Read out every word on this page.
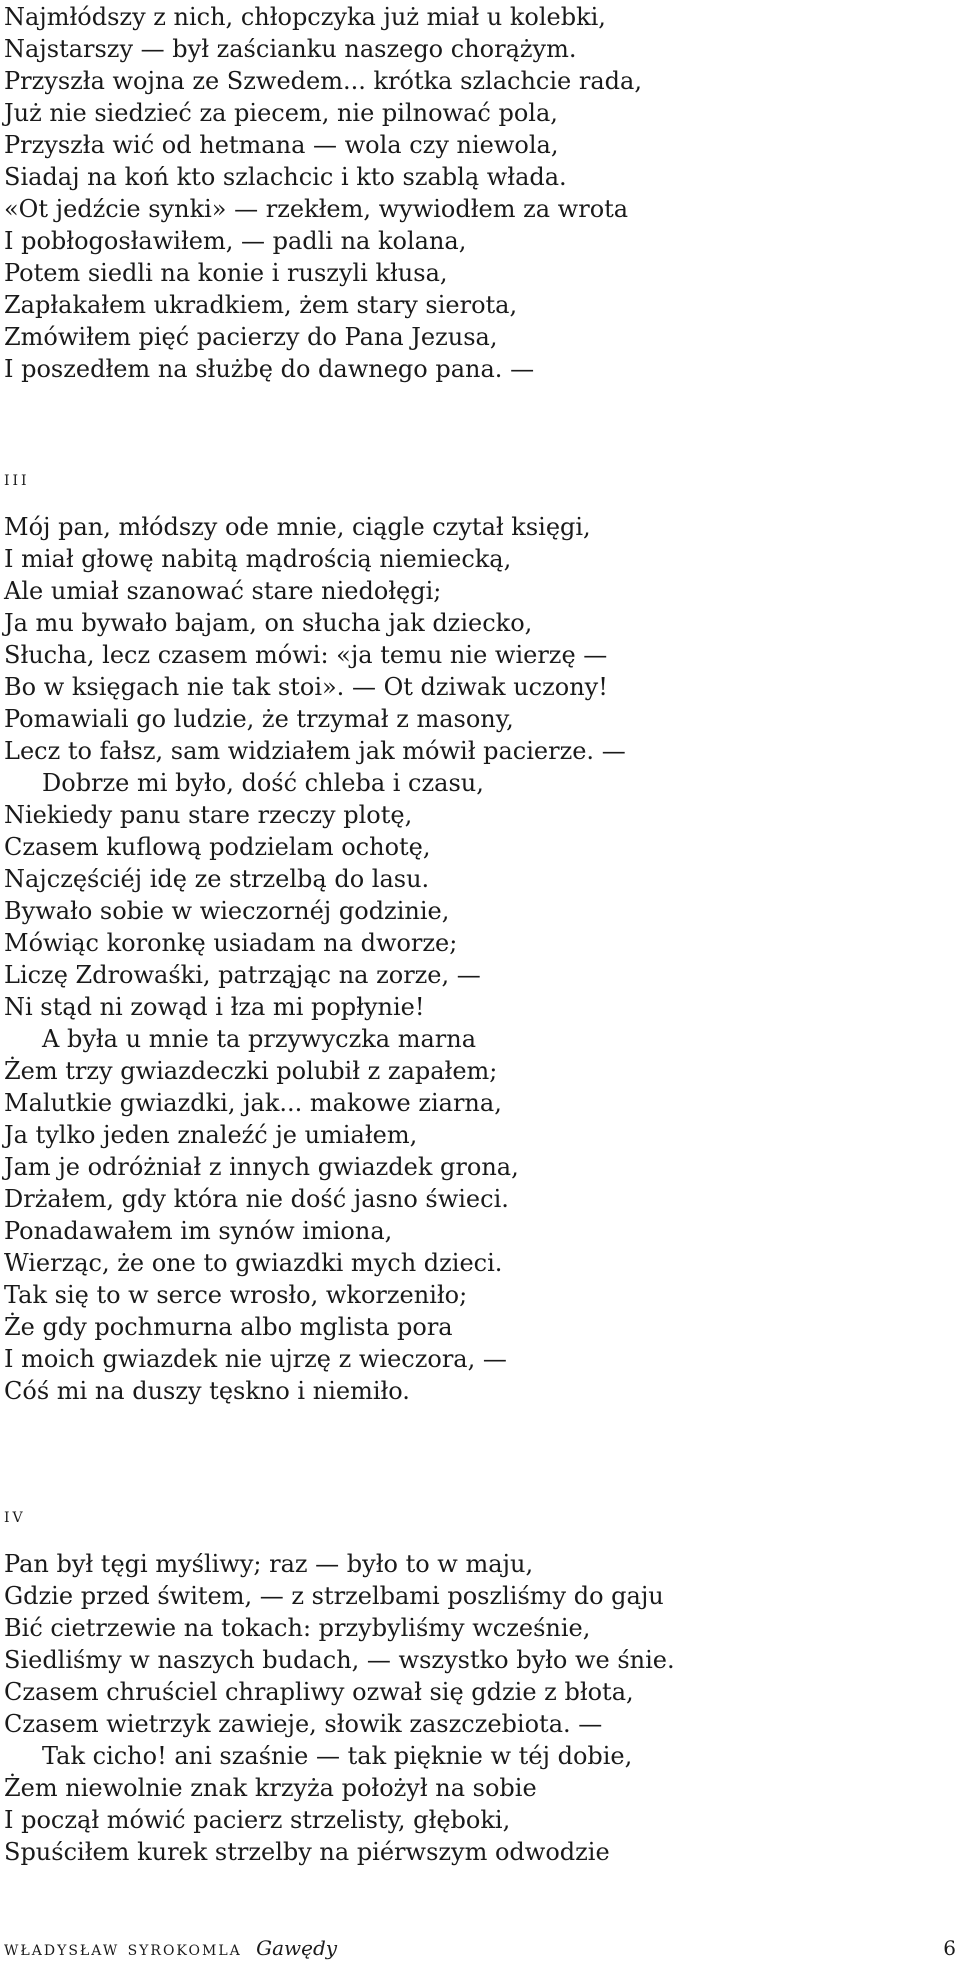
Najmłódszy z nich, chłopczyka już miał u kolebki,
Najstarszy — był zaścianku naszego chorążym.
Przyszła wojna ze Szwedem... krótka szlachcie rada,
Już nie siedzieć za piecem, nie pilnować pola,
Przyszła wić od hetmana — wola czy niewola,
Siadaj na koń kto szlachcic i kto szablą włada.
«Ot jedźcie synki» — rzekłem, wywiodłem za wrota
I pobłogosławiłem, — padli na kolana,
Potem siedli na konie i ruszyli kłusa,
Zapłakałem ukradkiem, żem stary sierota,
Zmówiłem pięć pacierzy do Pana Jezusa,
I poszedłem na służbę do dawnego pana. —
iii
Mój pan, młódszy ode mnie, ciągle czytał księgi,
I miał głowę nabitą mądrością niemiecką,
Ale umiał szanować stare niedołęgi;
Ja mu bywało bajam, on słucha jak dziecko,
Słucha, lecz czasem mówi: «ja temu nie wierzę —
Bo w księgach nie tak stoi». — Ot dziwak uczony!
Pomawiali go ludzie, że trzymał z masony,
Lecz to fałsz, sam widziałem jak mówił pacierze. —
Dobrze mi było, dość chleba i czasu,
Niekiedy panu stare rzeczy plotę,
Czasem kuflową podzielam ochotę,
Najczęściéj idę ze strzelbą do lasu.
Bywało sobie w wieczornéj godzinie,
Mówiąc koronkę usiadam na dworze;
Liczę Zdrowaśki, patrząjąc na zorze, —
Ni stąd ni zowąd i łza mi popłynie!
A była u mnie ta przywyczka marna
Żem trzy gwiazdeczki polubił z zapałem;
Malutkie gwiazdki, jak... makowe ziarna,
Ja tylko jeden znaleźć je umiałem,
Jam je odróżniał z innych gwiazdek grona,
Drżałem, gdy która nie dość jasno świeci.
Ponadawałem im synów imiona,
Wierząc, że one to gwiazdki mych dzieci.
Tak się to w serce wrosło, wkorzeniło;
Że gdy pochmurna albo mglista pora
I moich gwiazdek nie ujrzę z wieczora, —
Cóś mi na duszy tęskno i niemiło.
iv
Pan był tęgi myśliwy; raz — było to w maju,
Gdzie przed świtem, — z strzelbami poszliśmy do gaju
Bić cietrzewie na tokach: przybyliśmy wcześnie,
Siedliśmy w naszych budach, — wszystko było we śnie.
Czasem chruściel chrapliwy ozwał się gdzie z błota,
Czasem wietrzyk zawieje, słowik zaszczebiota. —
Tak cicho! ani szaśnie — tak pięknie w téj dobie,
Żem niewolnie znak krzyża położył na sobie
I począł mówić pacierz strzelisty, głęboki,
Spuściłem kurek strzelby na piérwszym odwodzie
władysław syrokomla Gawędy	6
